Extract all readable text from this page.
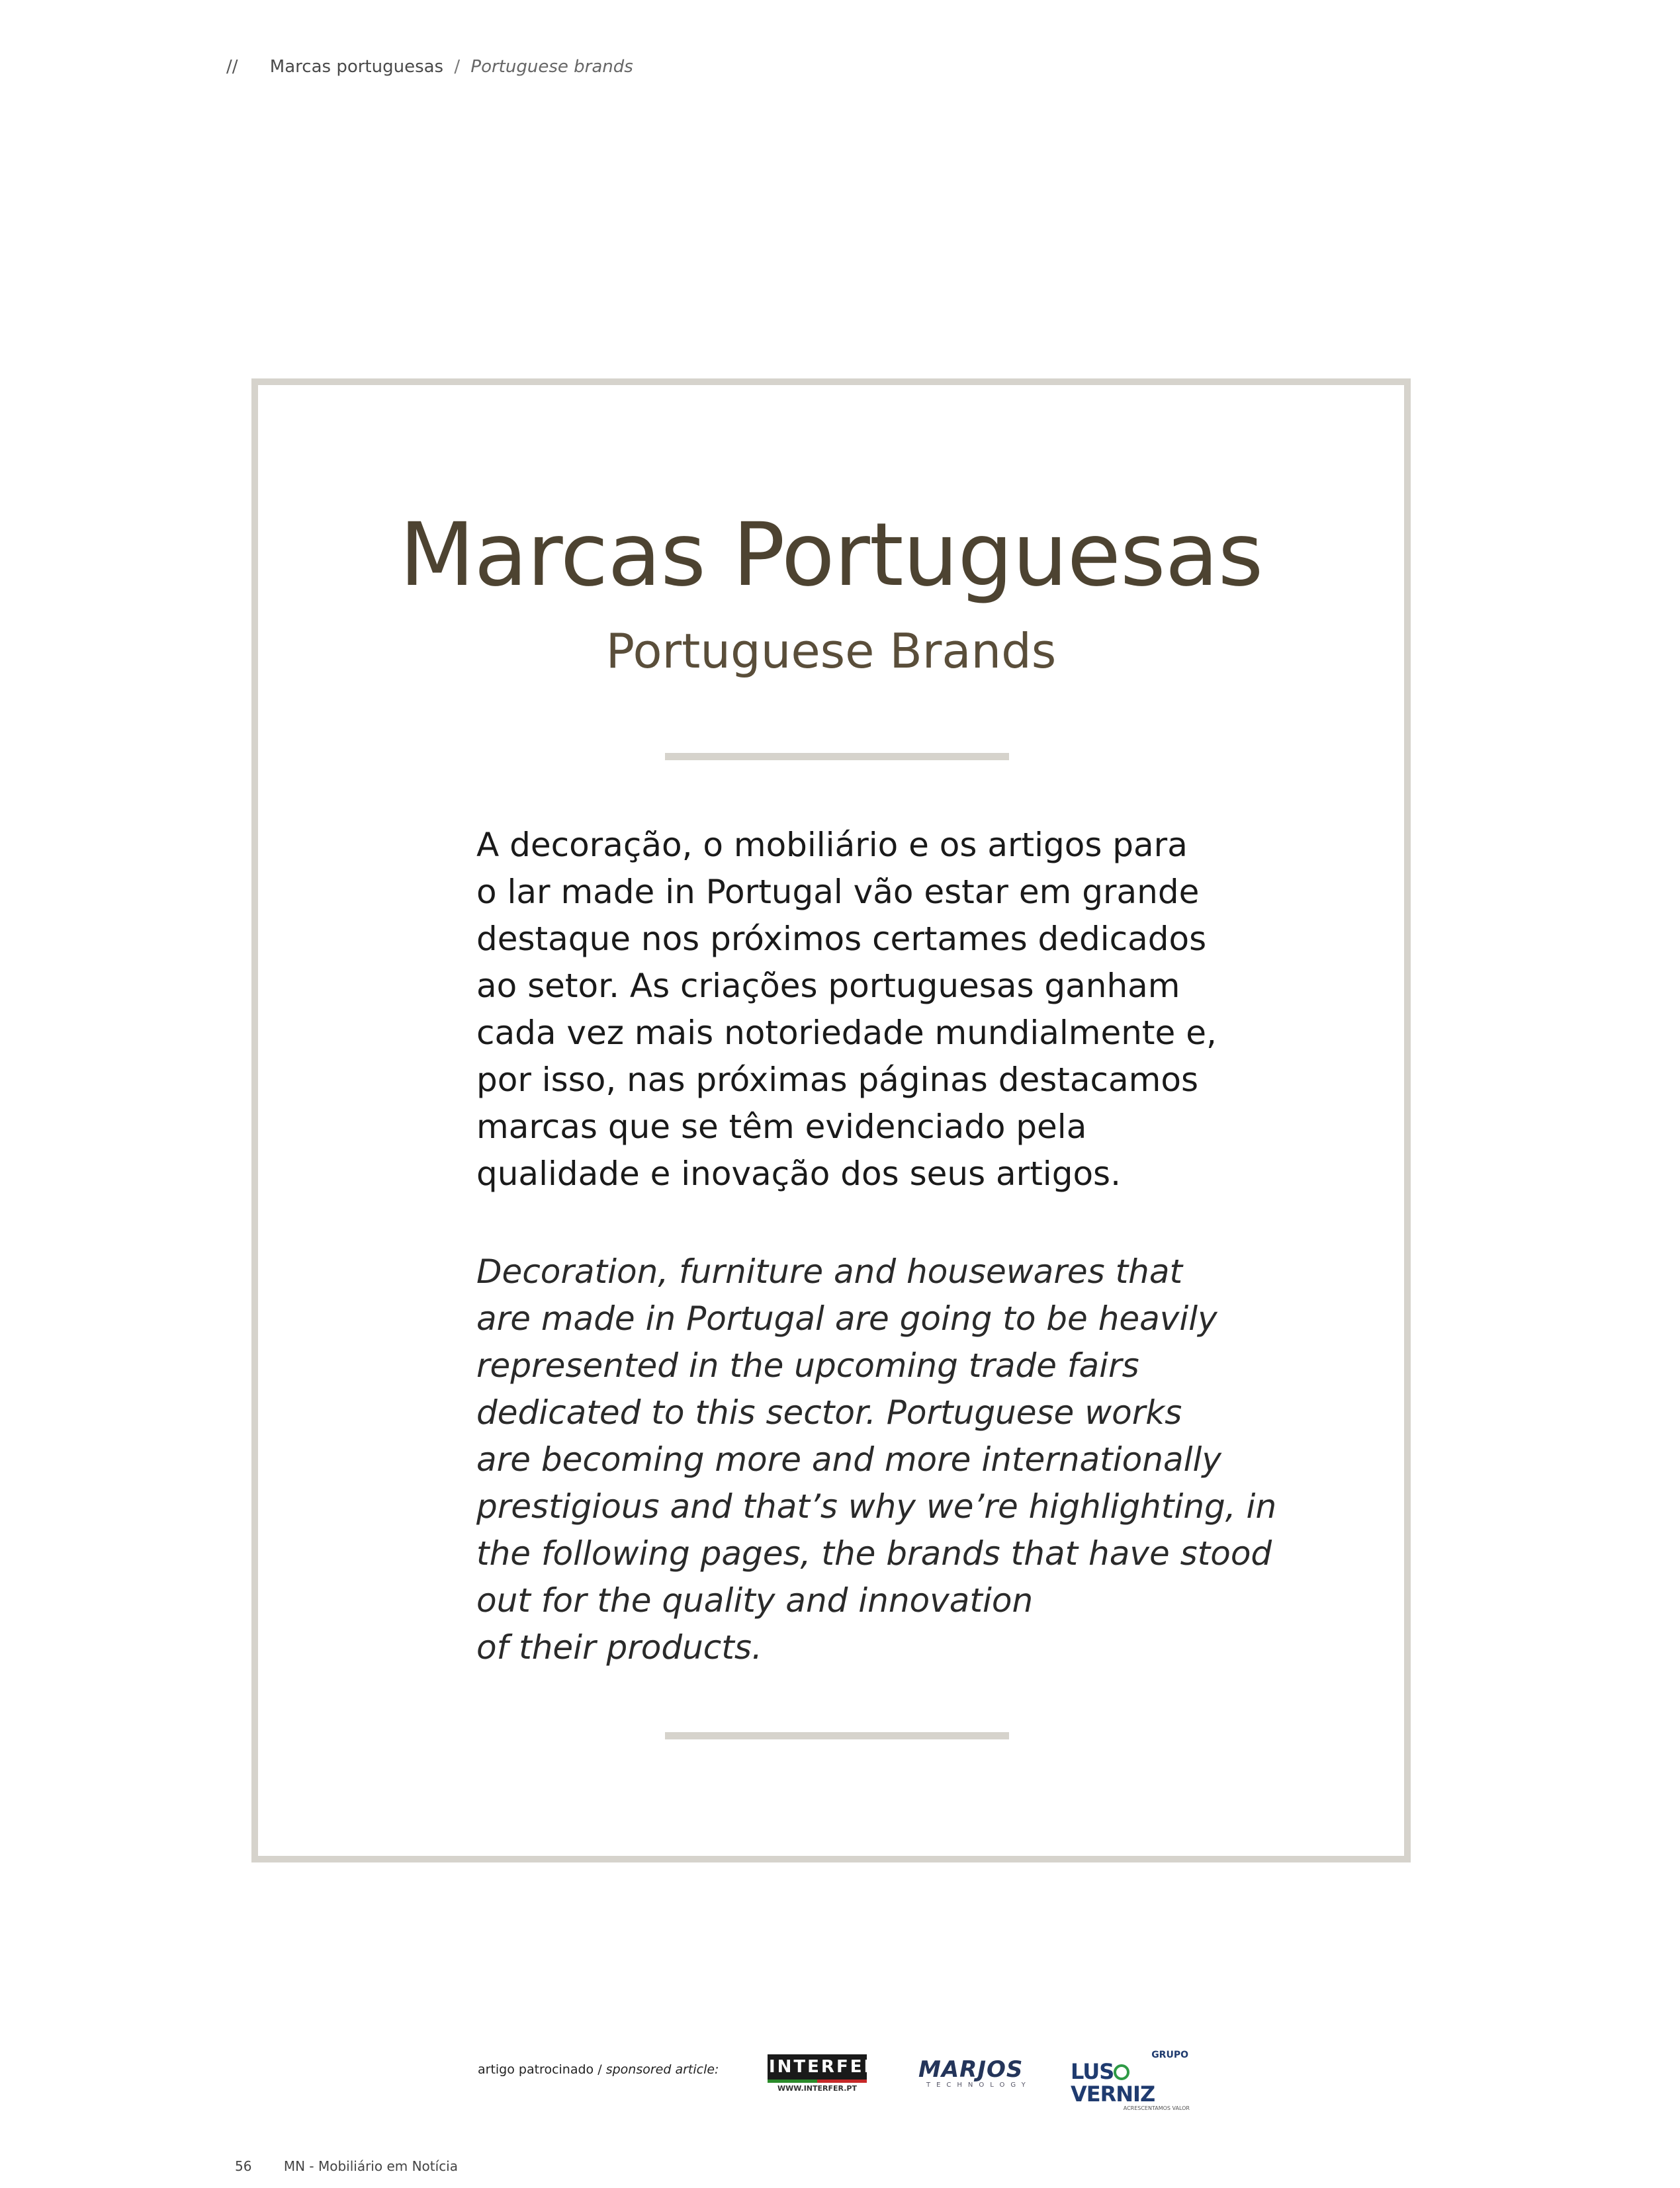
// Marcas portuguesas / Portuguese brands
Marcas Portuguesas
Portuguese Brands

A decoração, o mobiliário e os artigos para
o lar made in Portugal vão estar em grande
destaque nos próximos certames dedicados
ao setor. As criações portuguesas ganham
cada vez mais notoriedade mundialmente e,
por isso, nas próximas páginas destacamos
marcas que se têm evidenciado pela
qualidade e inovação dos seus artigos.

Decoration, furniture and housewares that
are made in Portugal are going to be heavily
represented in the upcoming trade fairs
dedicated to this sector. Portuguese works
are becoming more and more internationally
prestigious and that’s why we’re highlighting, in
the following pages, the brands that have stood
out for the quality and innovation
of their products.

artigo patrocinado / sponsored article:	INTERFER
WWW.INTERFER.PT
MARJOS
TECHNOLOGY
GRUPO
LUSVERNIZ
ACRESCENTAMOS VALOR
56 MN - Mobiliário em Notícia
